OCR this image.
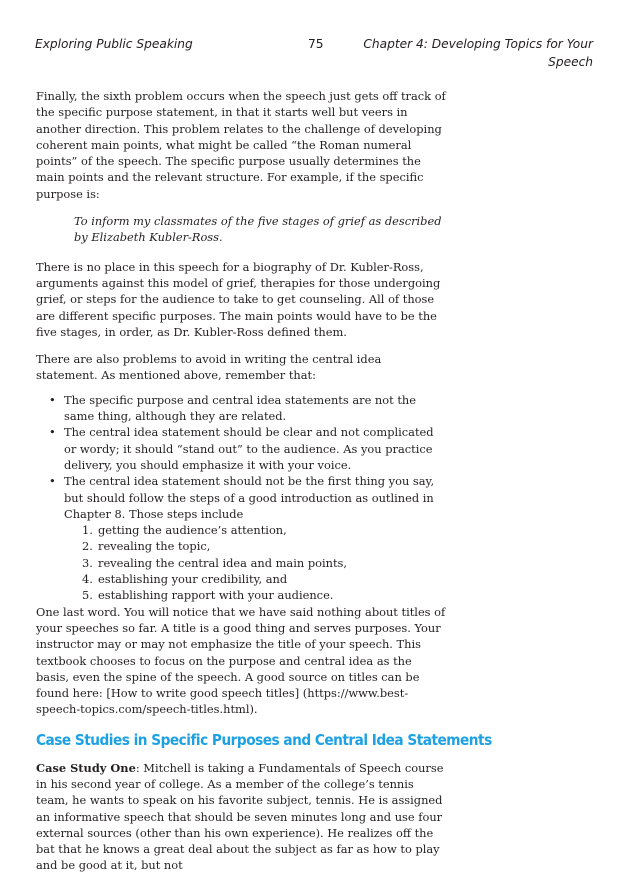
Exploring Public Speaking	75	Chapter 4: Developing Topics for Your Speech

Finally, the sixth problem occurs when the speech just gets off track of the specific purpose statement, in that it starts well but veers in another direction. This problem relates to the challenge of developing coherent main points, what might be called “the Roman numeral points” of the speech. The specific purpose usually determines the main points and the relevant structure. For example, if the specific purpose is:

To inform my classmates of the five stages of grief as described by Elizabeth Kubler-Ross.

There is no place in this speech for a biography of Dr. Kubler-Ross, arguments against this model of grief, therapies for those undergoing grief, or steps for the audience to take to get counseling. All of those are different specific purposes. The main points would have to be the five stages, in order, as Dr. Kubler-Ross defined them.

There are also problems to avoid in writing the central idea statement. As mentioned above, remember that:

• The specific purpose and central idea statements are not the same thing, although they are related.
• The central idea statement should be clear and not complicated or wordy; it should “stand out” to the audience. As you practice delivery, you should emphasize it with your voice.
• The central idea statement should not be the first thing you say, but should follow the steps of a good introduction as outlined in Chapter 8. Those steps include
1. getting the audience’s attention,
2. revealing the topic,
3. revealing the central idea and main points,
4. establishing your credibility, and
5. establishing rapport with your audience.

One last word. You will notice that we have said nothing about titles of your speeches so far. A title is a good thing and serves purposes. Your instructor may or may not emphasize the title of your speech. This textbook chooses to focus on the purpose and central idea as the basis, even the spine of the speech. A good source on titles can be found here: [How to write good speech titles] (https://www.best-speech-topics.com/speech-titles.html).

Case Studies in Specific Purposes and Central Idea Statements

Case Study One: Mitchell is taking a Fundamentals of Speech course in his second year of college. As a member of the college’s tennis team, he wants to speak on his favorite subject, tennis. He is assigned an informative speech that should be seven minutes long and use four external sources (other than his own experience). He realizes off the bat that he knows a great deal about the subject as far as how to play and be good at it, but not
